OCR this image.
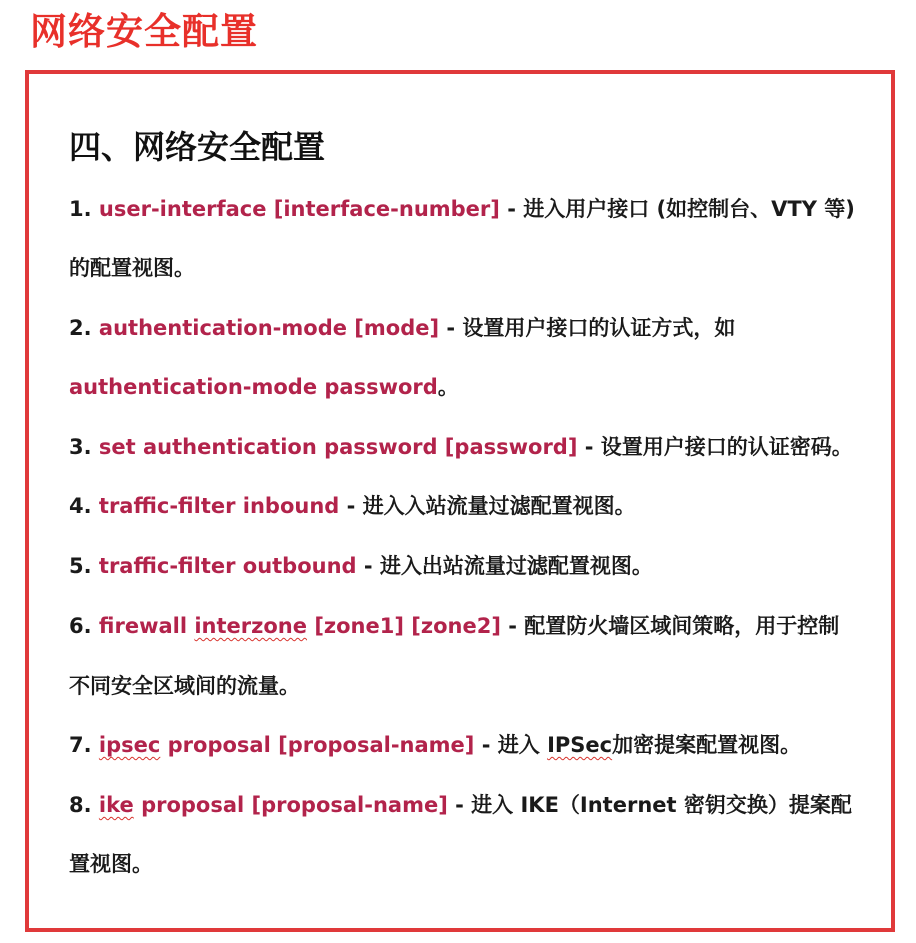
网络安全配置
四、网络安全配置

1. user-interface [interface-number] - 进入用户接口 (如控制台、VTY 等)

的配置视图。

2. authentication-mode [mode] - 设置用户接口的认证方式，如

authentication-mode password。

3. set authentication password [password] - 设置用户接口的认证密码。

4. traffic-filter inbound - 进入入站流量过滤配置视图。

5. traffic-filter outbound - 进入出站流量过滤配置视图。

6. firewall interzone [zone1] [zone2] - 配置防火墙区域间策略，用于控制

不同安全区域间的流量。

7. ipsec proposal [proposal-name] - 进入 IPSec加密提案配置视图。

8. ike proposal [proposal-name] - 进入 IKE（Internet 密钥交换）提案配

置视图。
